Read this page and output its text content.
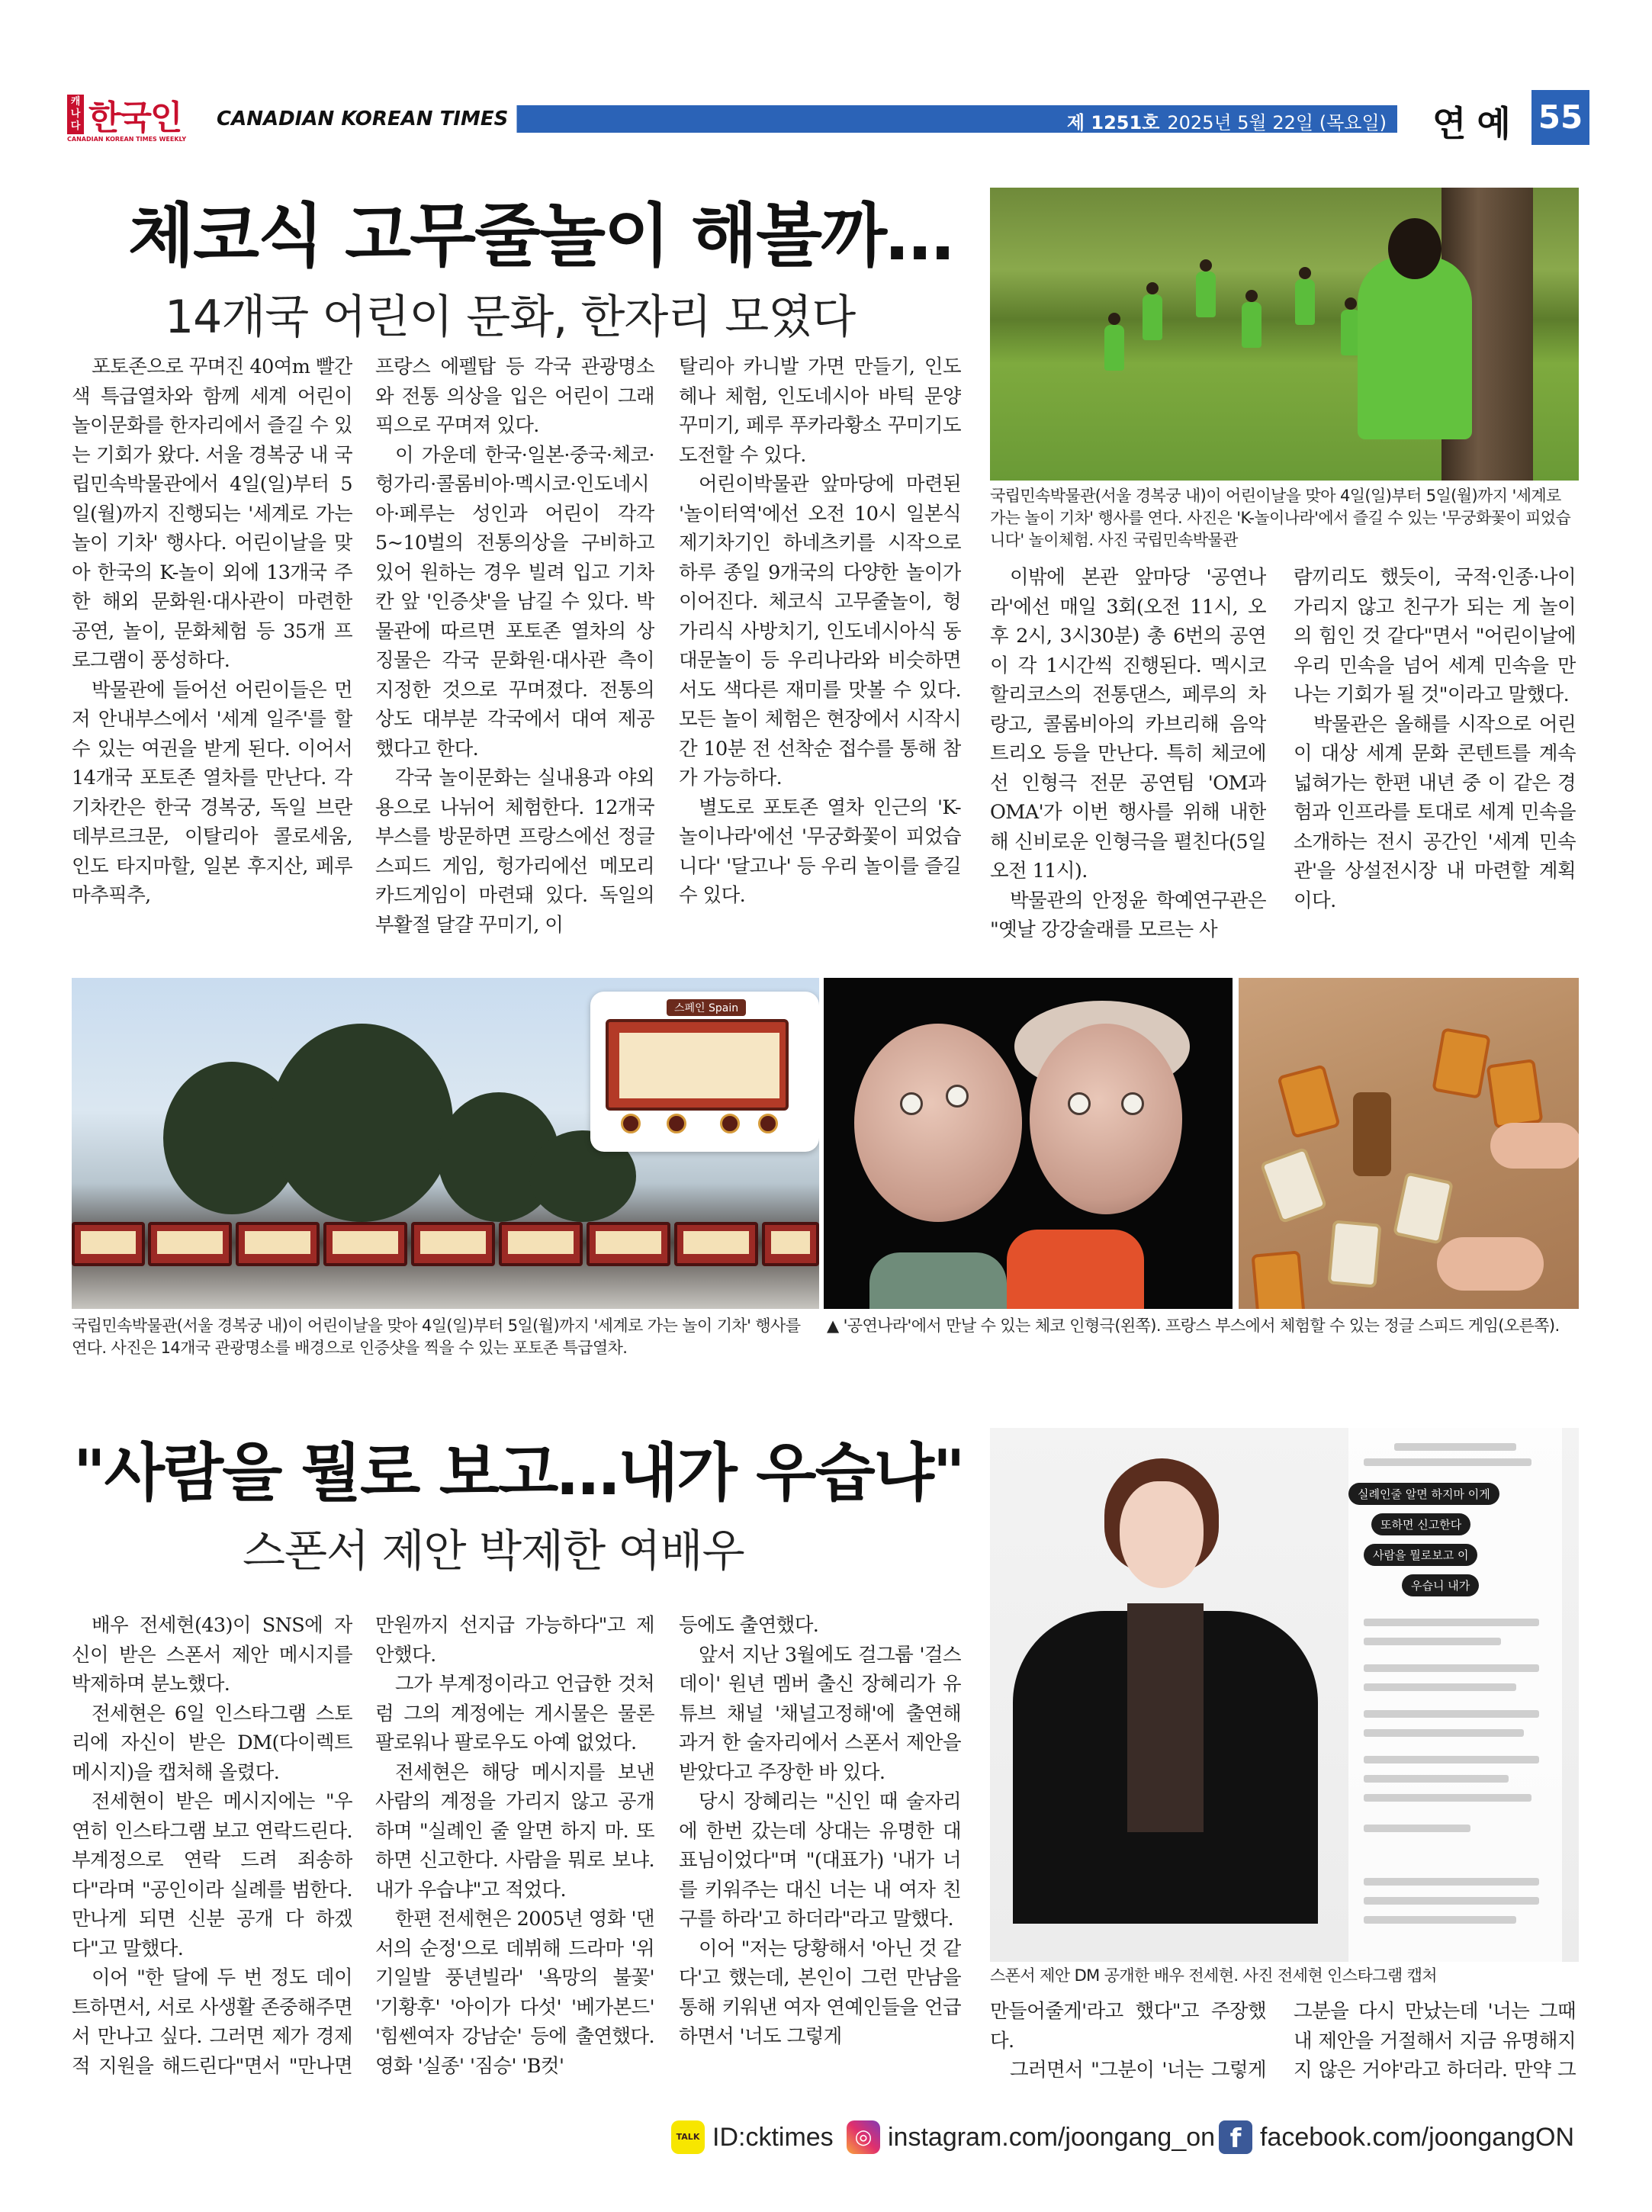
캐나다 한국인
CANADIAN KOREAN TIMES WEEKLY
CANADIAN KOREAN TIMES	제 1251호 2025년 5월 22일 (목요일) 연예 55
체코식 고무줄놀이 해볼까…
14개국 어린이 문화, 한자리 모였다
국립민속박물관(서울 경복궁 내)이 어린이날을 맞아 4일(일)부터 5일(월)까지 '세계로 가는 놀이 기차' 행사를 연다. 사진은 'K-놀이나라'에서 즐길 수 있는 '무궁화꽃이 피었습니다' 놀이체험. 사진 국립민속박물관

포토존으로 꾸며진 40여m 빨간색 특급열차와 함께 세계 어린이 놀이문화를 한자리에서 즐길 수 있는 기회가 왔다. 서울 경복궁 내 국립민속박물관에서 4일(일)부터 5일(월)까지 진행되는 '세계로 가는 놀이 기차' 행사다. 어린이날을 맞아 한국의 K-놀이 외에 13개국 주한 해외 문화원·대사관이 마련한 공연, 놀이, 문화체험 등 35개 프로그램이 풍성하다.

박물관에 들어선 어린이들은 먼저 안내부스에서 '세계 일주'를 할 수 있는 여권을 받게 된다. 이어서 14개국 포토존 열차를 만난다. 각 기차칸은 한국 경복궁, 독일 브란데부르크문, 이탈리아 콜로세움, 인도 타지마할, 일본 후지산, 페루 마추픽추,

프랑스 에펠탑 등 각국 관광명소와 전통 의상을 입은 어린이 그래픽으로 꾸며져 있다.

이 가운데 한국·일본·중국·체코·헝가리·콜롬비아·멕시코·인도네시아·페루는 성인과 어린이 각각 5~10벌의 전통의상을 구비하고 있어 원하는 경우 빌려 입고 기차칸 앞 '인증샷'을 남길 수 있다. 박물관에 따르면 포토존 열차의 상징물은 각국 문화원·대사관 측이 지정한 것으로 꾸며졌다. 전통의상도 대부분 각국에서 대여 제공했다고 한다.

각국 놀이문화는 실내용과 야외용으로 나뉘어 체험한다. 12개국 부스를 방문하면 프랑스에선 정글 스피드 게임, 헝가리에선 메모리카드게임이 마련돼 있다. 독일의 부활절 달걀 꾸미기, 이

탈리아 카니발 가면 만들기, 인도 헤나 체험, 인도네시아 바틱 문양 꾸미기, 페루 푸카라황소 꾸미기도 도전할 수 있다.

어린이박물관 앞마당에 마련된 '놀이터역'에선 오전 10시 일본식 제기차기인 하네츠키를 시작으로 하루 종일 9개국의 다양한 놀이가 이어진다. 체코식 고무줄놀이, 헝가리식 사방치기, 인도네시아식 동대문놀이 등 우리나라와 비슷하면서도 색다른 재미를 맛볼 수 있다. 모든 놀이 체험은 현장에서 시작시간 10분 전 선착순 접수를 통해 참가 가능하다.

별도로 포토존 열차 인근의 'K-놀이나라'에선 '무궁화꽃이 피었습니다' '달고나' 등 우리 놀이를 즐길 수 있다.

이밖에 본관 앞마당 '공연나라'에선 매일 3회(오전 11시, 오후 2시, 3시30분) 총 6번의 공연이 각 1시간씩 진행된다. 멕시코 할리코스의 전통댄스, 페루의 차랑고, 콜롬비아의 카브리해 음악 트리오 등을 만난다. 특히 체코에선 인형극 전문 공연팀 'OM과 OMA'가 이번 행사를 위해 내한해 신비로운 인형극을 펼친다(5일 오전 11시).

박물관의 안정윤 학예연구관은 "옛날 강강술래를 모르는 사

람끼리도 했듯이, 국적·인종·나이 가리지 않고 친구가 되는 게 놀이의 힘인 것 같다"면서 "어린이날에 우리 민속을 넘어 세계 민속을 만나는 기회가 될 것"이라고 말했다.

박물관은 올해를 시작으로 어린이 대상 세계 문화 콘텐트를 계속 넓혀가는 한편 내년 중 이 같은 경험과 인프라를 토대로 세계 민속을 소개하는 전시 공간인 '세계 민속관'을 상설전시장 내 마련할 계획이다.

스페인 Spain
국립민속박물관(서울 경복궁 내)이 어린이날을 맞아 4일(일)부터 5일(월)까지 '세계로 가는 놀이 기차' 행사를 연다. 사진은 14개국 관광명소를 배경으로 인증샷을 찍을 수 있는 포토존 특급열차.
▲ '공연나라'에서 만날 수 있는 체코 인형극(왼쪽). 프랑스 부스에서 체험할 수 있는 정글 스피드 게임(오른쪽).
"사람을 뭘로 보고…내가 우습냐"
스폰서 제안 박제한 여배우
실례인줄 알면 하지마 이게
또하면 신고한다
사람을 뭘로보고 이
우습니 내가
스폰서 제안 DM 공개한 배우 전세현. 사진 전세현 인스타그램 캡처

배우 전세현(43)이 SNS에 자신이 받은 스폰서 제안 메시지를 박제하며 분노했다.

전세현은 6일 인스타그램 스토리에 자신이 받은 DM(다이렉트 메시지)을 캡처해 올렸다.

전세현이 받은 메시지에는 "우연히 인스타그램 보고 연락드린다. 부계정으로 연락 드려 죄송하다"라며 "공인이라 실례를 범한다. 만나게 되면 신분 공개 다 하겠다"고 말했다.

이어 "한 달에 두 번 정도 데이트하면서, 서로 사생활 존중해주면서 만나고 싶다. 그러면 제가 경제적 지원을 해드린다"면서 "만나면

만원까지 선지급 가능하다"고 제안했다.

그가 부계정이라고 언급한 것처럼 그의 계정에는 게시물은 물론 팔로워나 팔로우도 아예 없었다.

전세현은 해당 메시지를 보낸 사람의 계정을 가리지 않고 공개하며 "실례인 줄 알면 하지 마. 또 하면 신고한다. 사람을 뭐로 보냐. 내가 우습냐"고 적었다.

한편 전세현은 2005년 영화 '댄서의 순정'으로 데뷔해 드라마 '위기일발 풍년빌라' '욕망의 불꽃' '기황후' '아이가 다섯' '베가본드' '힘쎈여자 강남순' 등에 출연했다. 영화 '실종' '짐승' 'B컷'

등에도 출연했다.

앞서 지난 3월에도 걸그룹 '걸스데이' 원년 멤버 출신 장혜리가 유튜브 채널 '채널고정해'에 출연해 과거 한 술자리에서 스폰서 제안을 받았다고 주장한 바 있다.

당시 장혜리는 "신인 때 술자리에 한번 갔는데 상대는 유명한 대표님이었다"며 "(대표가) '내가 너를 키워주는 대신 너는 내 여자 친구를 하라'고 하더라"라고 말했다.

이어 "저는 당황해서 '아닌 것 같다'고 했는데, 본인이 그런 만남을 통해 키워낸 여자 연예인들을 언급하면서 '너도 그렇게

만들어줄게'라고 했다"고 주장했다.

그러면서 "그분이 '너는 그렇게

그분을 다시 만났는데 '너는 그때 내 제안을 거절해서 지금 유명해지지 않은 거야'라고 하더라. 만약 그

TALK ID:cktimes	◎ instagram.com/joongang_on f facebook.com/joongangON
